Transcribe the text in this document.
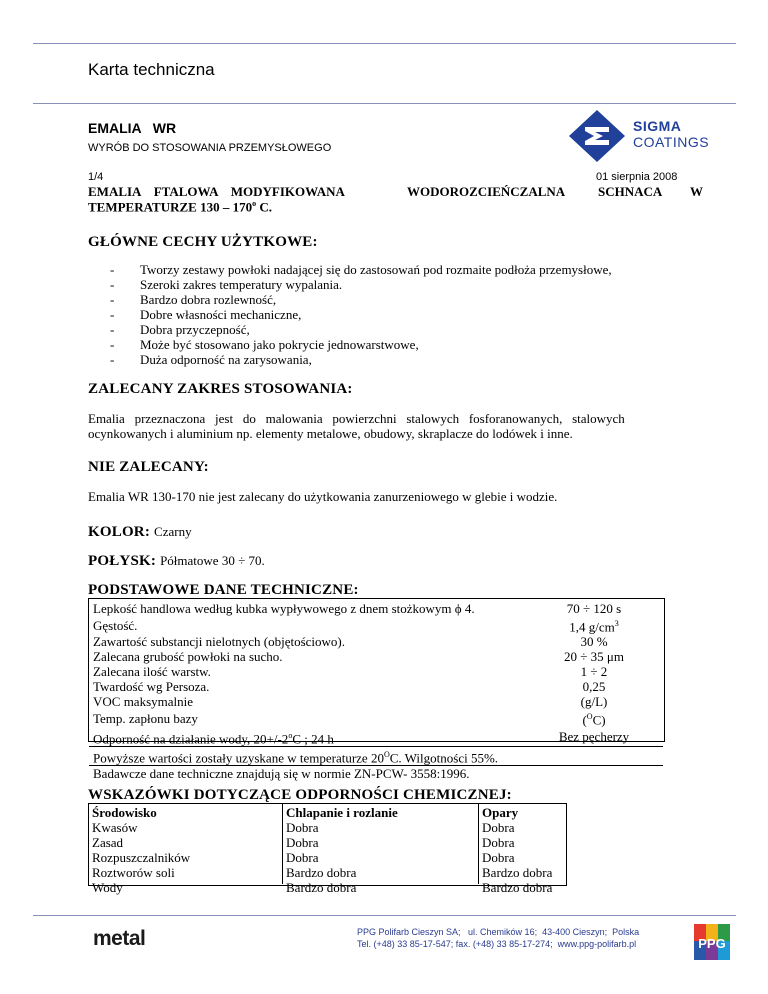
Karta techniczna
EMALIA   WR
WYRÓB DO STOSOWANIA PRZEMYSŁOWEGO
SIGMA
COATINGS
1/4	01 sierpnia 2008
EMALIA    FTALOWA    MODYFIKOWANA	WODOROZCIEŃCZALNA	SCHNACA W
TEMPERATURZE 130 – 170$^o$ C.
GŁÓWNE CECHY UŻYTKOWE:
- Tworzy zestawy powłoki nadającej się do zastosowań pod rozmaite podłoża przemysłowe,
- Szeroki zakres temperatury wypalania.
- Bardzo dobra rozlewność,
- Dobre własności mechaniczne,
- Dobra przyczepność,
- Może być stosowano jako pokrycie jednowarstwowe,
- Duża odporność na zarysowania,
ZALECANY ZAKRES STOSOWANIA:
Emalia   przeznaczona   jest   do   malowania   powierzchni   stalowych   fosforanowanych,   stalowych
ocynkowanych i aluminium np. elementy metalowe, obudowy, skraplacze do lodówek i inne.
NIE ZALECANY:
Emalia WR 130-170 nie jest zalecany do użytkowania zanurzeniowego w glebie i wodzie.
KOLOR: Czarny
POŁYSK: Półmatowe 30 ÷ 70.
PODSTAWOWE DANE TECHNICZNE:
Lepkość handlowa według kubka wypływowego z dnem stożkowym ϕ 4.	70 ÷ 120 s
Gęstość.	1,4 $g/cm^3$
Zawartość substancji nielotnych (objętościowo).	30 %
Zalecana grubość powłoki na sucho.	20 ÷ 35 μm
Zalecana ilość warstw.	1 ÷ 2
Twardość wg Persoza.	0,25
VOC maksymalnie	(g/L)
Temp. zapłonu bazy	($^O$C)
Odporność na działanie wody, $20+/-2^oC$ ; 24 h	Bez pęcherzy
Powyższe wartości zostały uzyskane w temperaturze $20^OC$. Wilgotności 55%.	
Badawcze dane techniczne znajdują się w normie ZN-PCW- 3558:1996.	
WSKAZÓWKI DOTYCZĄCE ODPORNOŚCI CHEMICZNEJ:
Środowisko	Chlapanie i rozlanie	Opary
Kwasów	Dobra	Dobra
Zasad	Dobra	Dobra
Rozpuszczalników	Dobra	Dobra
Roztworów soli	Bardzo dobra	Bardzo dobra
Wody	Bardzo dobra	Bardzo dobra
metal	PPG Polifarb Cieszyn SA;   ul. Chemików 16;  43-400 Cieszyn;  Polska
Tel. (+48) 33 85-17-547; fax. (+48) 33 85-17-274;  www.ppg-polifarb.pl	PPG
